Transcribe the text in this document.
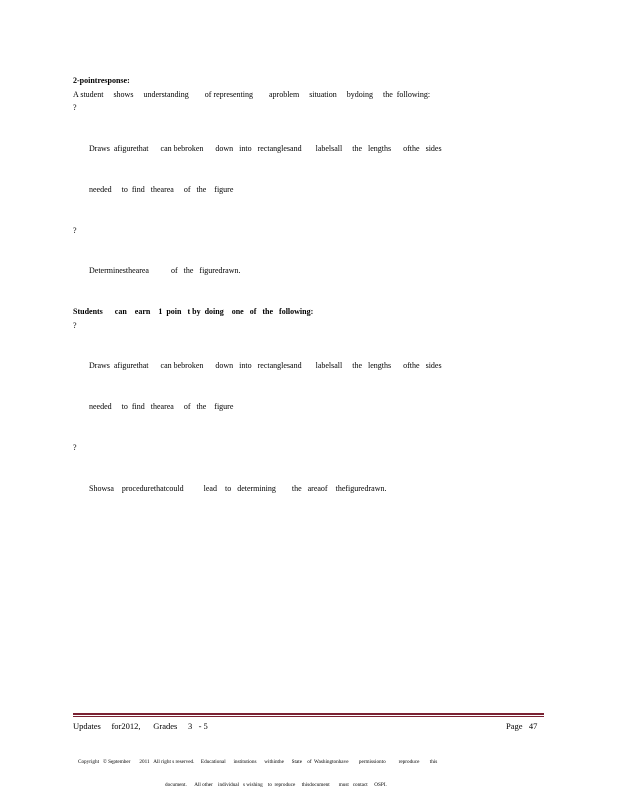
2-pointresponse:
A student     shows     understanding        of representing        aproblem     situation     bydoing     the  following:

?

Draws  afigurethat      can bebroken      down   into   rectanglesand       labelsall     the   lengths      ofthe   sides

needed     to  find   thearea     of   the    figure

?

Determinesthearea           of   the   figuredrawn.

Students      can    earn    1  poin   t by  doing    one   of   the   following:

?

Draws  afigurethat      can bebroken      down   into   rectanglesand       labelsall     the   lengths      ofthe   sides

needed     to  find   thearea     of   the    figure

?

Showsa    procedurethatcould          lead    to   determining        the   areaof    thefiguredrawn.

Updates     for2012,      Grades     3   - 5	Page   47

Copyright   © Sęptember       2011   All right s reserved.     Educational      institutions      withinthe      State    of  Washingtonhave        permissionto          reproduce        this

document.      All other    individual   s wishing    to  reproduce     thisdocument       must   contact     OSPI.
